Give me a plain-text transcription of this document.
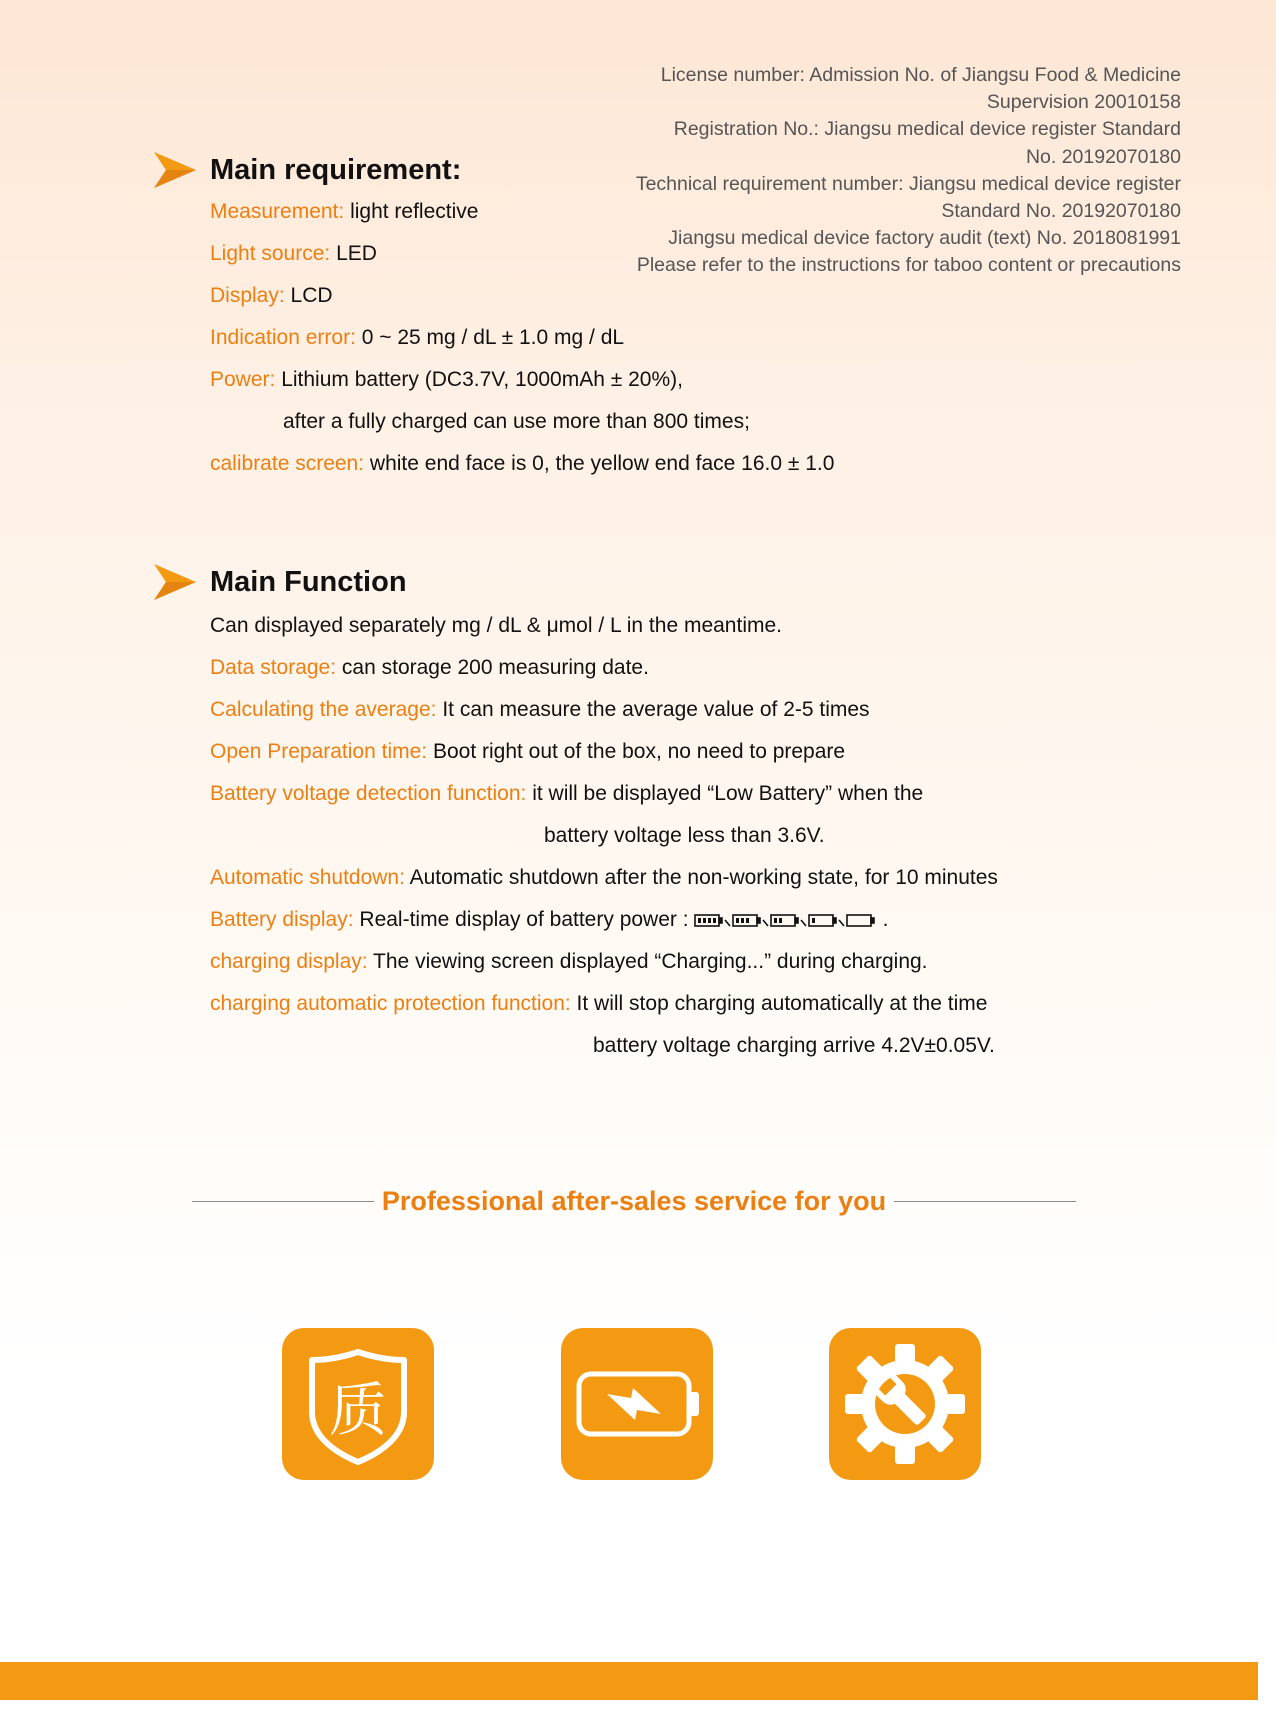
License number: Admission No. of Jiangsu Food & Medicine
Supervision 20010158
Registration No.: Jiangsu medical device register Standard
No. 20192070180
Technical requirement number: Jiangsu medical device register
Standard No. 20192070180
Jiangsu medical device factory audit (text) No. 2018081991
Please refer to the instructions for taboo content or precautions
Main requirement:
Measurement: light reflective
Light source: LED
Display: LCD
Indication error: 0 ~ 25 mg / dL ± 1.0 mg / dL
Power: Lithium battery (DC3.7V, 1000mAh ± 20%),
after a fully charged can use more than 800 times;
calibrate screen: white end face is 0, the yellow end face 16.0 ± 1.0
Main Function
Can displayed separately mg / dL & μmol / L in the meantime.
Data storage: can storage 200 measuring date.
Calculating the average: It can measure the average value of 2-5 times
Open Preparation time: Boot right out of the box, no need to prepare
Battery voltage detection function: it will be displayed “Low Battery” when the
battery voltage less than 3.6V.
Automatic shutdown: Automatic shutdown after the non-working state, for 10 minutes
Battery display: Real-time display of battery power :	.
charging display: The viewing screen displayed “Charging...” during charging.
charging automatic protection function: It will stop charging automatically at the time
battery voltage charging arrive 4.2V±0.05V.
Professional after-sales service for you
质
